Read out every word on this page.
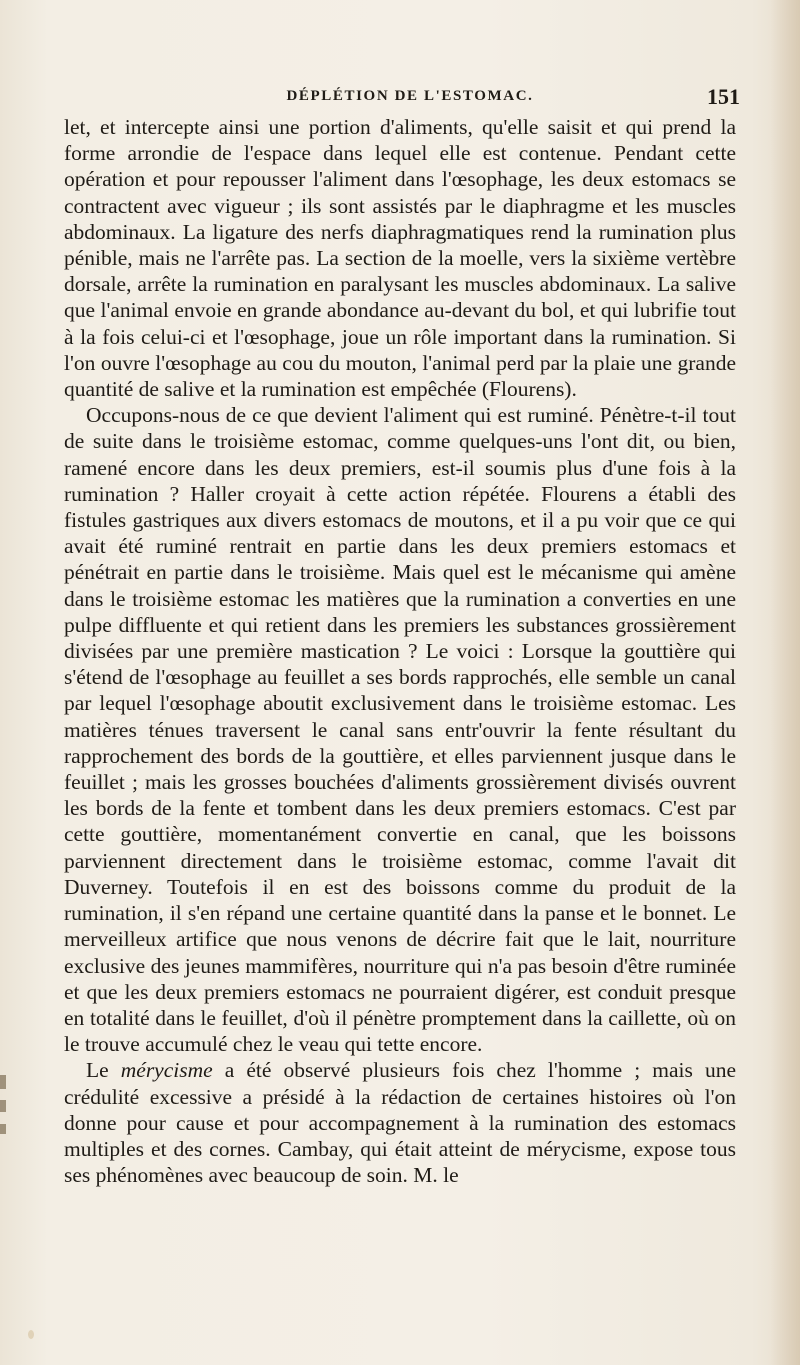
DÉPLÉTION DE L'ESTOMAC.	151

let, et intercepte ainsi une portion d'aliments, qu'elle saisit et qui prend la forme arrondie de l'espace dans lequel elle est contenue. Pendant cette opération et pour repousser l'aliment dans l'œsophage, les deux estomacs se contractent avec vigueur ; ils sont assistés par le diaphragme et les muscles abdominaux. La ligature des nerfs diaphragmatiques rend la rumination plus pénible, mais ne l'arrête pas. La section de la moelle, vers la sixième vertèbre dorsale, arrête la rumination en paralysant les muscles abdominaux. La salive que l'animal envoie en grande abondance au-devant du bol, et qui lubrifie tout à la fois celui-ci et l'œsophage, joue un rôle important dans la rumination. Si l'on ouvre l'œsophage au cou du mouton, l'animal perd par la plaie une grande quantité de salive et la rumination est empêchée (Flourens).

Occupons-nous de ce que devient l'aliment qui est ruminé. Pénètre-t-il tout de suite dans le troisième estomac, comme quelques-uns l'ont dit, ou bien, ramené encore dans les deux premiers, est-il soumis plus d'une fois à la rumination ? Haller croyait à cette action répétée. Flourens a établi des fistules gastriques aux divers estomacs de moutons, et il a pu voir que ce qui avait été ruminé rentrait en partie dans les deux premiers estomacs et pénétrait en partie dans le troisième. Mais quel est le mécanisme qui amène dans le troisième estomac les matières que la rumination a converties en une pulpe diffluente et qui retient dans les premiers les substances grossièrement divisées par une première mastication ? Le voici : Lorsque la gouttière qui s'étend de l'œsophage au feuillet a ses bords rapprochés, elle semble un canal par lequel l'œsophage aboutit exclusivement dans le troisième estomac. Les matières ténues traversent le canal sans entr'ouvrir la fente résultant du rapprochement des bords de la gouttière, et elles parviennent jusque dans le feuillet ; mais les grosses bouchées d'aliments grossièrement divisés ouvrent les bords de la fente et tombent dans les deux premiers estomacs. C'est par cette gouttière, momentanément convertie en canal, que les boissons parviennent directement dans le troisième estomac, comme l'avait dit Duverney. Toutefois il en est des boissons comme du produit de la rumination, il s'en répand une certaine quantité dans la panse et le bonnet. Le merveilleux artifice que nous venons de décrire fait que le lait, nourriture exclusive des jeunes mammifères, nourriture qui n'a pas besoin d'être ruminée et que les deux premiers estomacs ne pourraient digérer, est conduit presque en totalité dans le feuillet, d'où il pénètre promptement dans la caillette, où on le trouve accumulé chez le veau qui tette encore.

Le mérycisme a été observé plusieurs fois chez l'homme ; mais une crédulité excessive a présidé à la rédaction de certaines histoires où l'on donne pour cause et pour accompagnement à la rumination des estomacs multiples et des cornes. Cambay, qui était atteint de mérycisme, expose tous ses phénomènes avec beaucoup de soin. M. le
